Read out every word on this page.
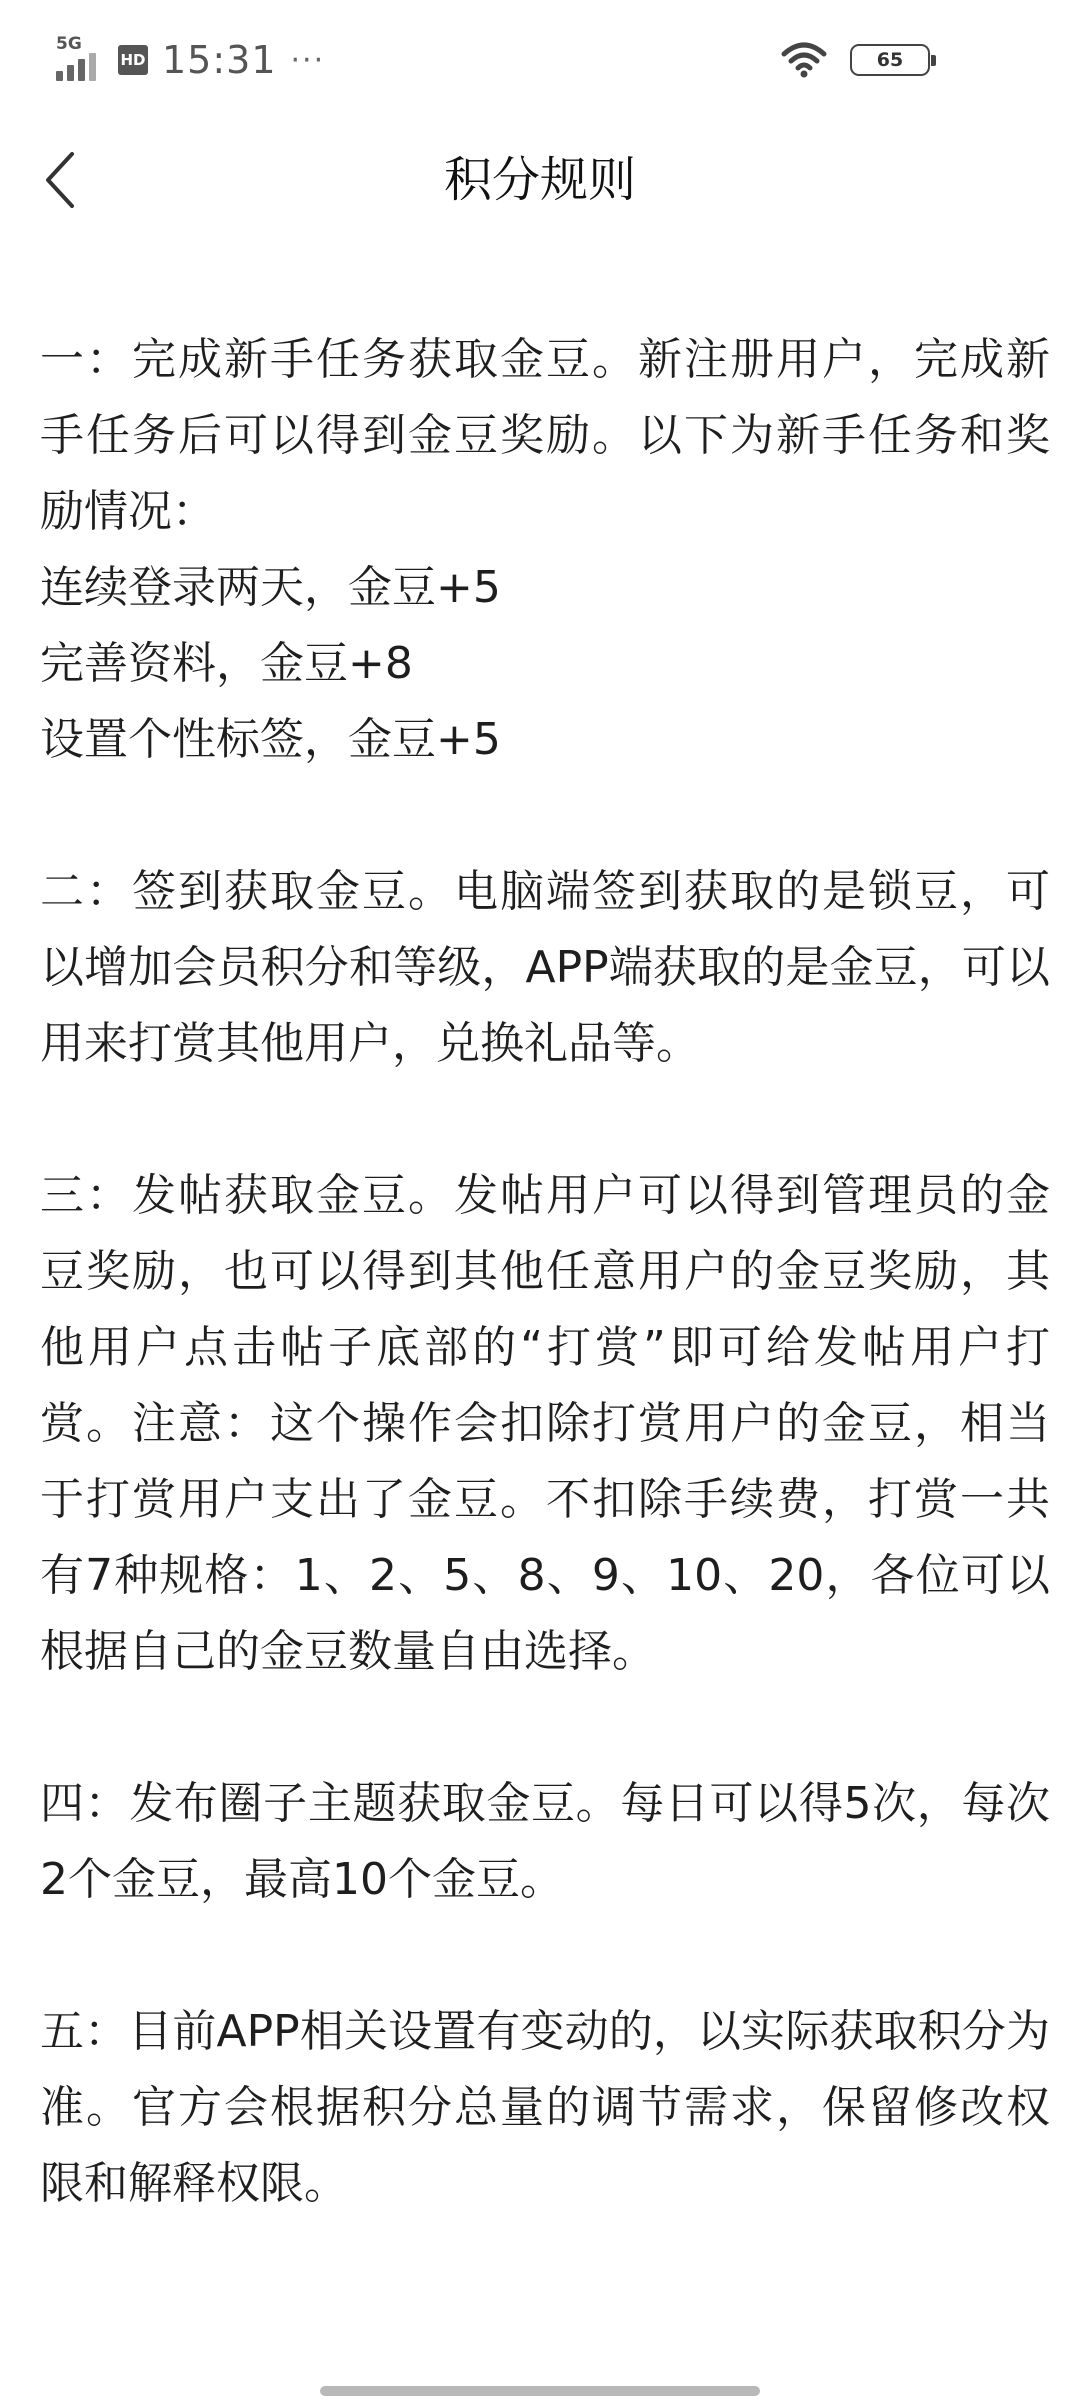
5G
HD 15:31 ···	65
积分规则

一：完成新手任务获取金豆。新注册用户，完成新手任务后可以得到金豆奖励。以下为新手任务和奖励情况：

连续登录两天，金豆+5

完善资料，金豆+8

设置个性标签，金豆+5

二：签到获取金豆。电脑端签到获取的是锁豆，可以增加会员积分和等级，APP端获取的是金豆，可以用来打赏其他用户，兑换礼品等。

三：发帖获取金豆。发帖用户可以得到管理员的金豆奖励，也可以得到其他任意用户的金豆奖励，其他用户点击帖子底部的“打赏”即可给发帖用户打赏。注意：这个操作会扣除打赏用户的金豆，相当于打赏用户支出了金豆。不扣除手续费，打赏一共有7种规格：1、2、5、8、9、10、20，各位可以根据自己的金豆数量自由选择。

四：发布圈子主题获取金豆。每日可以得5次，每次2个金豆，最高10个金豆。

五：目前APP相关设置有变动的，以实际获取积分为准。官方会根据积分总量的调节需求，保留修改权限和解释权限。
